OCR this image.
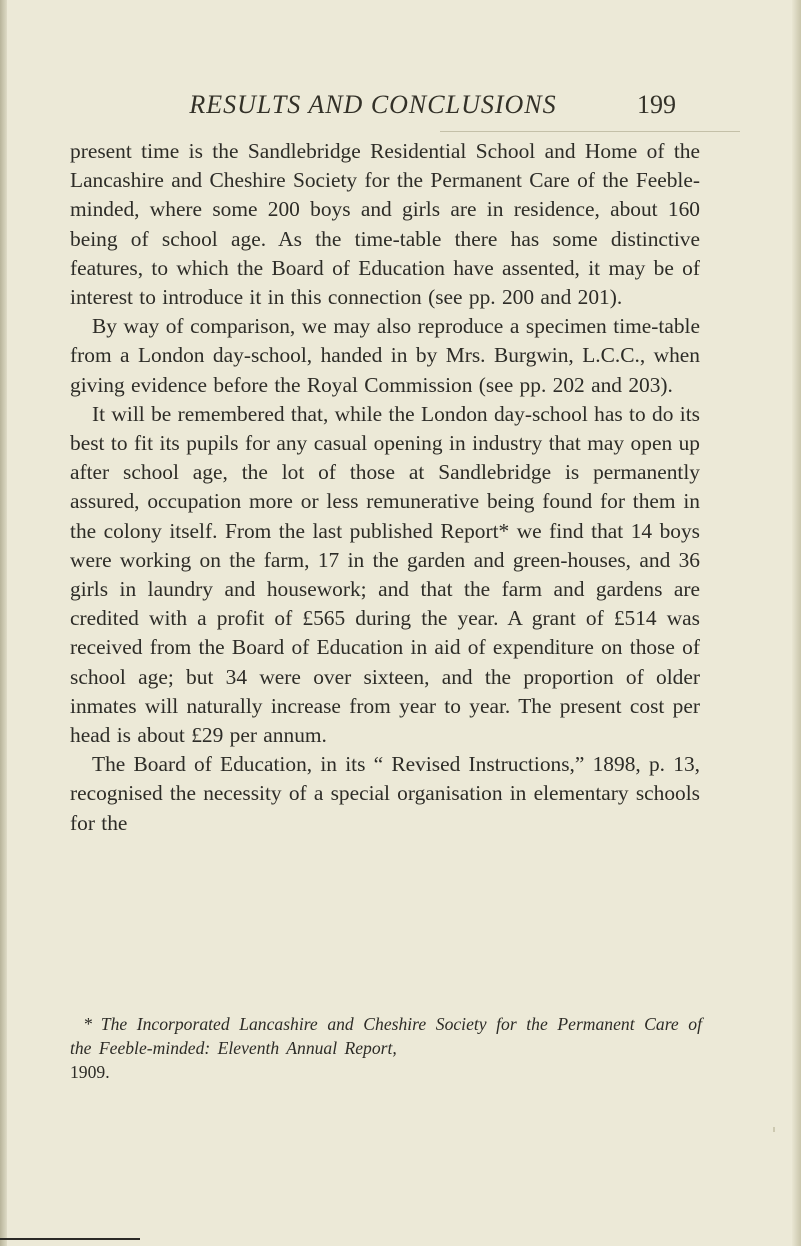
RESULTS AND CONCLUSIONS	199

present time is the Sandlebridge Residential School and Home of the Lancashire and Cheshire Society for the Permanent Care of the Feeble-minded, where some 200 boys and girls are in residence, about 160 being of school age. As the time-table there has some distinctive features, to which the Board of Education have assented, it may be of interest to introduce it in this connection (see pp. 200 and 201).

By way of comparison, we may also reproduce a specimen time-table from a London day-school, handed in by Mrs. Burgwin, L.C.C., when giving evidence before the Royal Commission (see pp. 202 and 203).

It will be remembered that, while the London day-school has to do its best to fit its pupils for any casual opening in industry that may open up after school age, the lot of those at Sandlebridge is permanently assured, occupation more or less remunerative being found for them in the colony itself. From the last published Report* we find that 14 boys were working on the farm, 17 in the garden and green-houses, and 36 girls in laundry and housework; and that the farm and gardens are credited with a profit of £565 during the year. A grant of £514 was received from the Board of Education in aid of expenditure on those of school age; but 34 were over sixteen, and the proportion of older inmates will naturally increase from year to year. The present cost per head is about £29 per annum.

The Board of Education, in its “ Revised Instructions,” 1898, p. 13, recognised the necessity of a special organisation in elementary schools for the

* The Incorporated Lancashire and Cheshire Society for the Permanent Care of the Feeble-minded: Eleventh Annual Report,
1909.
